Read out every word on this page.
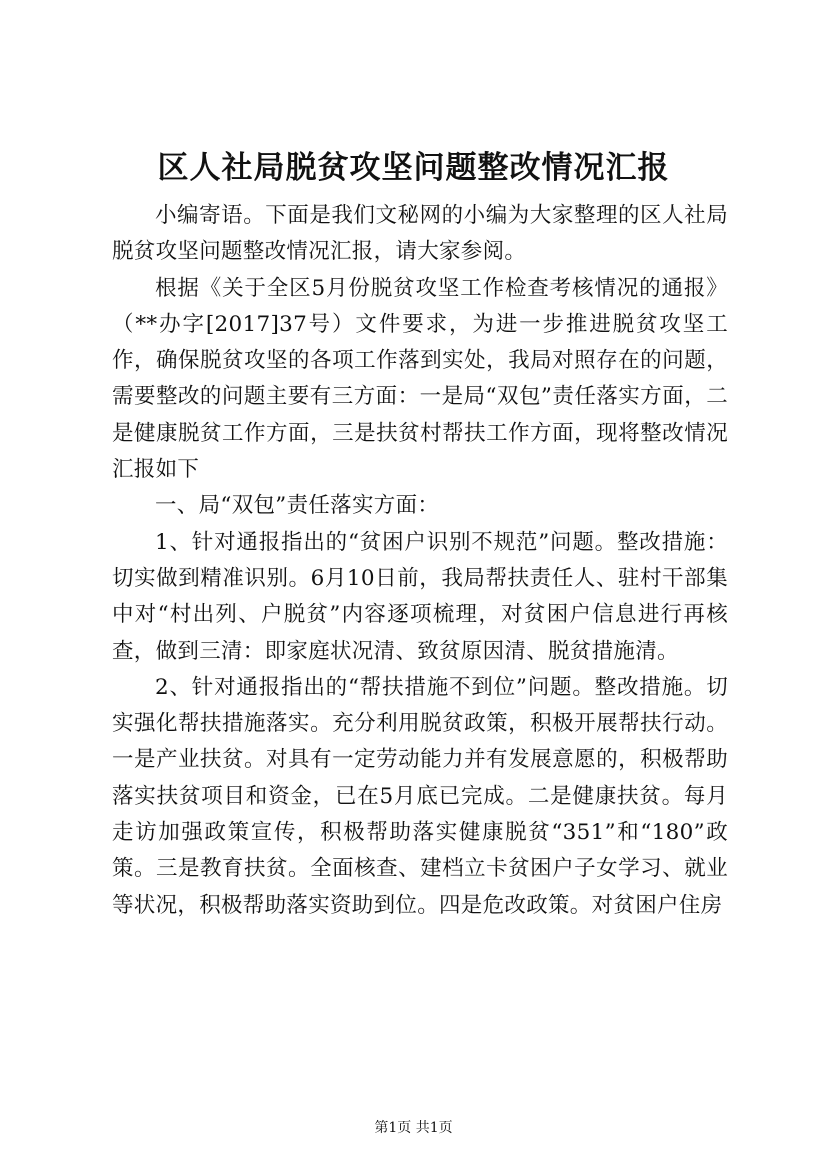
区人社局脱贫攻坚问题整改情况汇报

小编寄语。下面是我们文秘网的小编为大家整理的区人社局脱贫攻坚问题整改情况汇报，请大家参阅。

根据《关于全区5月份脱贫攻坚工作检查考核情况的通报》（**办字[2017]37号）文件要求，为进一步推进脱贫攻坚工作，确保脱贫攻坚的各项工作落到实处，我局对照存在的问题，需要整改的问题主要有三方面：一是局“双包”责任落实方面，二是健康脱贫工作方面，三是扶贫村帮扶工作方面，现将整改情况汇报如下

一、局“双包”责任落实方面：

1、针对通报指出的“贫困户识别不规范”问题。整改措施：切实做到精准识别。6月10日前，我局帮扶责任人、驻村干部集中对“村出列、户脱贫”内容逐项梳理，对贫困户信息进行再核查，做到三清：即家庭状况清、致贫原因清、脱贫措施清。

2、针对通报指出的“帮扶措施不到位”问题。整改措施。切实强化帮扶措施落实。充分利用脱贫政策，积极开展帮扶行动。一是产业扶贫。对具有一定劳动能力并有发展意愿的，积极帮助落实扶贫项目和资金，已在5月底已完成。二是健康扶贫。每月走访加强政策宣传，积极帮助落实健康脱贫“351”和“180”政策。三是教育扶贫。全面核查、建档立卡贫困户子女学习、就业等状况，积极帮助落实资助到位。四是危改政策。对贫困户住房

第1页 共1页
